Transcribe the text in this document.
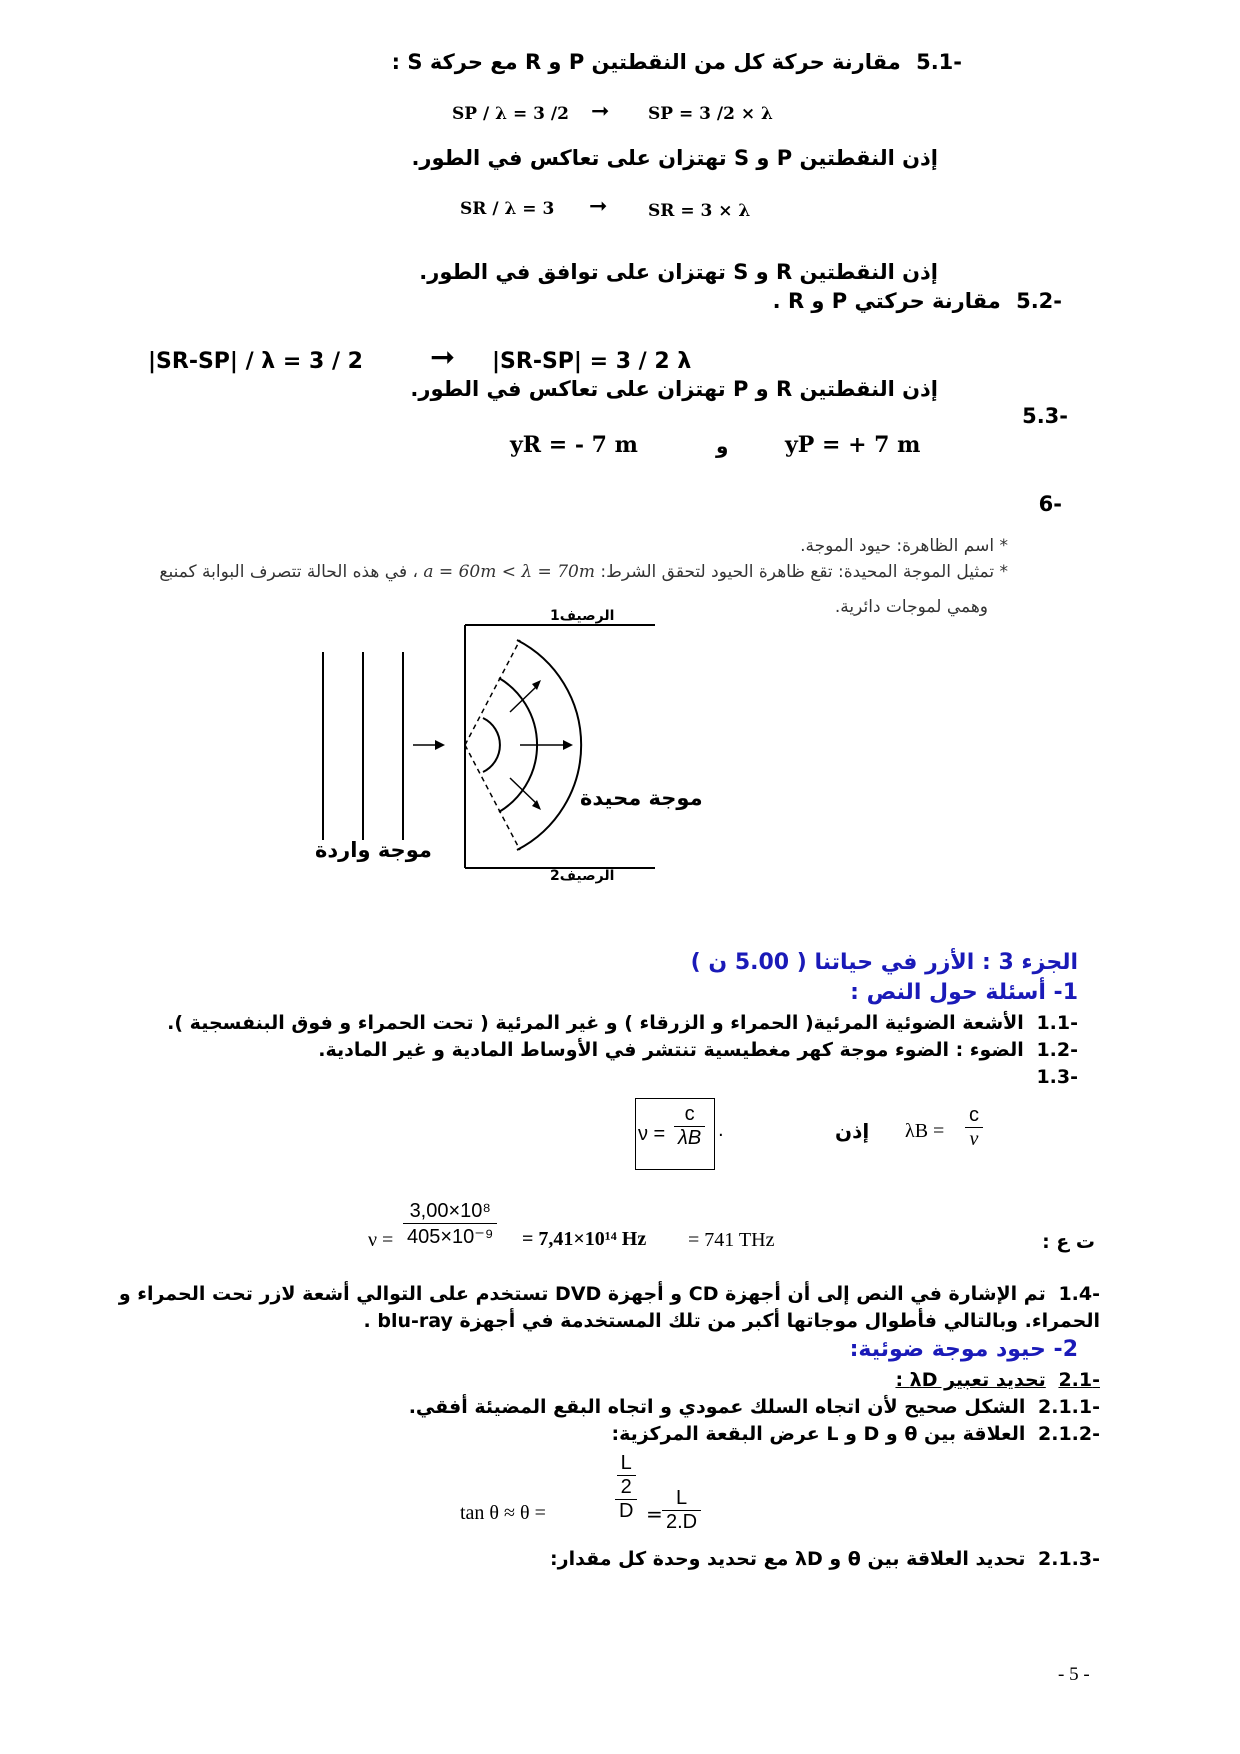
-5.1 مقارنة حركة كل من النقطتين P و R مع حركة S :
SP / λ = 3 /2 ➞ SP = 3 /2 × λ
إذن النقطتين P و S تهتزان على تعاكس في الطور.
SR / λ = 3 ➞ SR = 3 × λ
إذن النقطتين R و S تهتزان على توافق في الطور.
-5.2 مقارنة حركتي P و R .
|SR-SP| / λ = 3 / 2 ➞ |SR-SP| = 3 / 2 λ
إذن النقطتين R و P تهتزان على تعاكس في الطور.
-5.3
yR = - 7 m	و	yP = + 7 m
-6
* اسم الظاهرة: حيود الموجة.
* تمثيل الموجة المحيدة: تقع ظاهرة الحيود لتحقق الشرط: a = 60m < λ = 70m ، في هذه الحالة تتصرف البوابة كمنبع
وهمي لموجات دائرية.
الرصيف1
الرصيف2
موجة محيدة
موجة واردة
الجزء 3 : الأزر في حياتنا ( 5.00 ن )
1- أسئلة حول النص :
-1.1 الأشعة الضوئية المرئية( الحمراء و الزرقاء ) و غير المرئية ( تحت الحمراء و فوق البنفسجية ).
-1.2 الضوء : الضوء موجة كهر مغطيسية تنتشر في الأوساط المادية و غير المادية.
-1.3
$\nu = \frac{c}{\lambda B}$ .	إذن $\lambda B = \frac{c}{\nu}$
$\nu = \frac{\text{3,00×10⁸}}{\text{405×10⁻⁹}} = 7,41\times 10^{14}$ Hz = 741 THz	ت ع :
-1.4 تم الإشارة في النص إلى أن أجهزة CD و أجهزة DVD تستخدم على التوالي أشعة لازر تحت الحمراء و
الحمراء. وبالتالي فأطوال موجاتها أكبر من تلك المستخدمة في أجهزة blu-ray .
2- حيود موجة ضوئية:
-2.1 تحديد تعبير λD :
-2.1.1 الشكل صحيح لأن اتجاه السلك عمودي و اتجاه البقع المضيئة أفقي.
-2.1.2 العلاقة بين θ و D و L عرض البقعة المركزية:
tan θ ≈ θ =	$\frac{\frac{L}{2}}{D} = \frac{L}{2.D}$
-2.1.3 تحديد العلاقة بين θ و λD مع تحديد وحدة كل مقدار:
- 5 -
